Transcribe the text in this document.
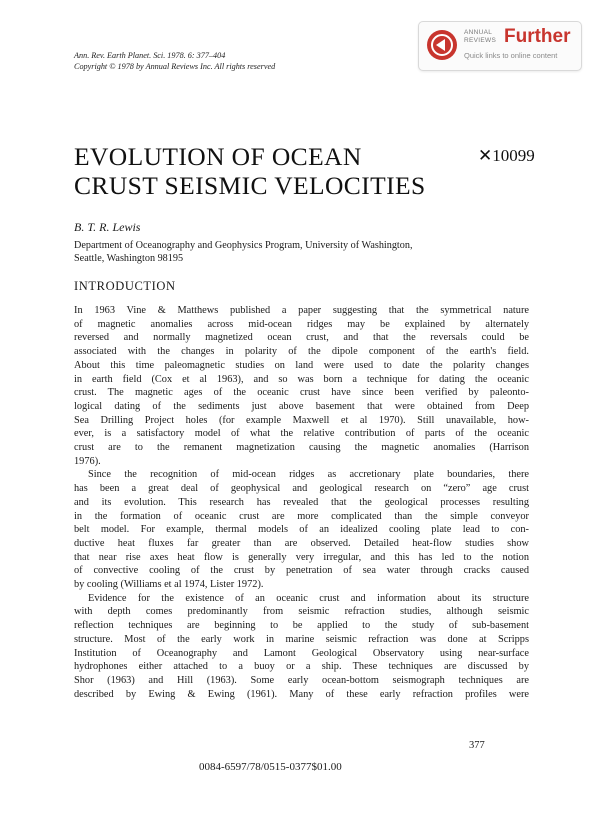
Ann. Rev. Earth Planet. Sci. 1978. 6: 377–404
Copyright © 1978 by Annual Reviews Inc. All rights reserved
ANNUAL
REVIEWS Further
Quick links to online content
EVOLUTION OF OCEAN
CRUST SEISMIC VELOCITIES
✕10099
B. T. R. Lewis
Department of Oceanography and Geophysics Program, University of Washington,
Seattle, Washington 98195
INTRODUCTION
In 1963 Vine & Matthews published a paper suggesting that the symmetrical nature
of magnetic anomalies across mid-ocean ridges may be explained by alternately
reversed and normally magnetized ocean crust, and that the reversals could be
associated with the changes in polarity of the dipole component of the earth's field.
About this time paleomagnetic studies on land were used to date the polarity changes
in earth field (Cox et al 1963), and so was born a technique for dating the oceanic
crust. The magnetic ages of the oceanic crust have since been verified by paleonto-
logical dating of the sediments just above basement that were obtained from Deep
Sea Drilling Project holes (for example Maxwell et al 1970). Still unavailable, how-
ever, is a satisfactory model of what the relative contribution of parts of the oceanic
crust are to the remanent magnetization causing the magnetic anomalies (Harrison
1976).
Since the recognition of mid-ocean ridges as accretionary plate boundaries, there
has been a great deal of geophysical and geological research on “zero” age crust
and its evolution. This research has revealed that the geological processes resulting
in the formation of oceanic crust are more complicated than the simple conveyor
belt model. For example, thermal models of an idealized cooling plate lead to con-
ductive heat fluxes far greater than are observed. Detailed heat-flow studies show
that near rise axes heat flow is generally very irregular, and this has led to the notion
of convective cooling of the crust by penetration of sea water through cracks caused
by cooling (Williams et al 1974, Lister 1972).
Evidence for the existence of an oceanic crust and information about its structure
with depth comes predominantly from seismic refraction studies, although seismic
reflection techniques are beginning to be applied to the study of sub-basement
structure. Most of the early work in marine seismic refraction was done at Scripps
Institution of Oceanography and Lamont Geological Observatory using near-surface
hydrophones either attached to a buoy or a ship. These techniques are discussed by
Shor (1963) and Hill (1963). Some early ocean-bottom seismograph techniques are
described by Ewing & Ewing (1961). Many of these early refraction profiles were
377
0084-6597/78/0515-0377$01.00
